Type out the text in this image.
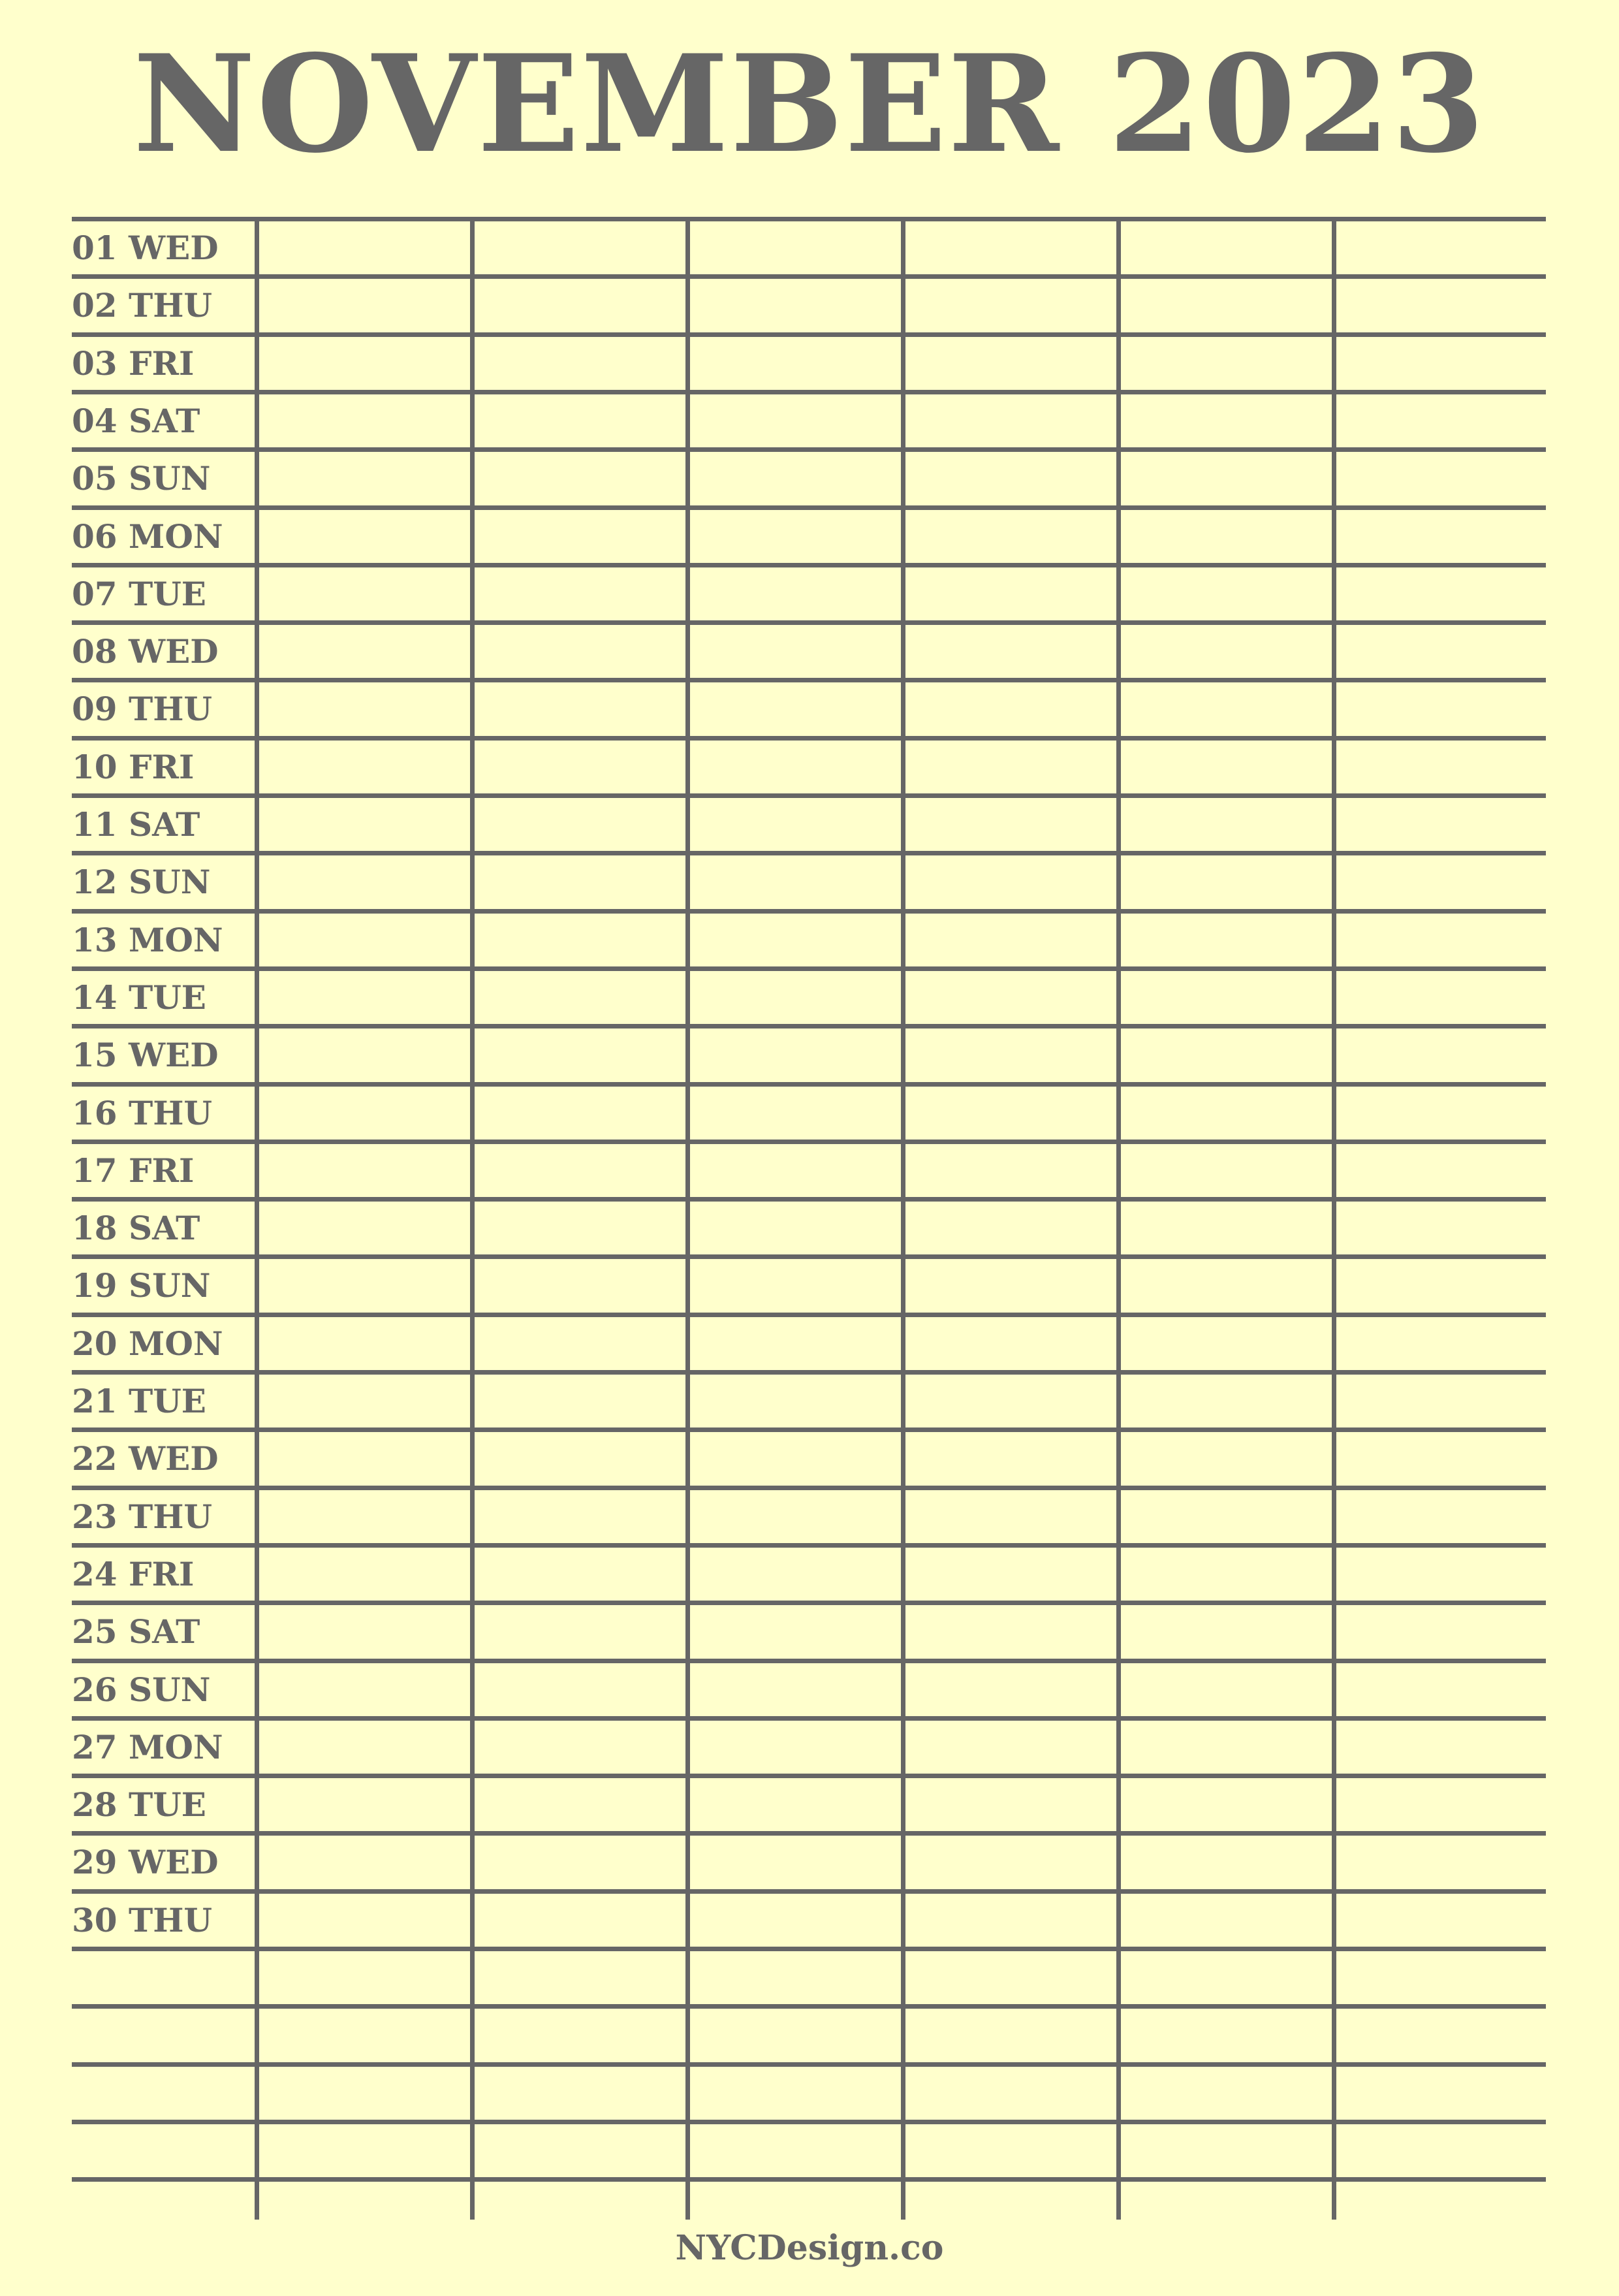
NOVEMBER 2023
01 WED
02 THU
03 FRI
04 SAT
05 SUN
06 MON
07 TUE
08 WED
09 THU
10 FRI
11 SAT
12 SUN
13 MON
14 TUE
15 WED
16 THU
17 FRI
18 SAT
19 SUN
20 MON
21 TUE
22 WED
23 THU
24 FRI
25 SAT
26 SUN
27 MON
28 TUE
29 WED
30 THU
NYCDesign.co
